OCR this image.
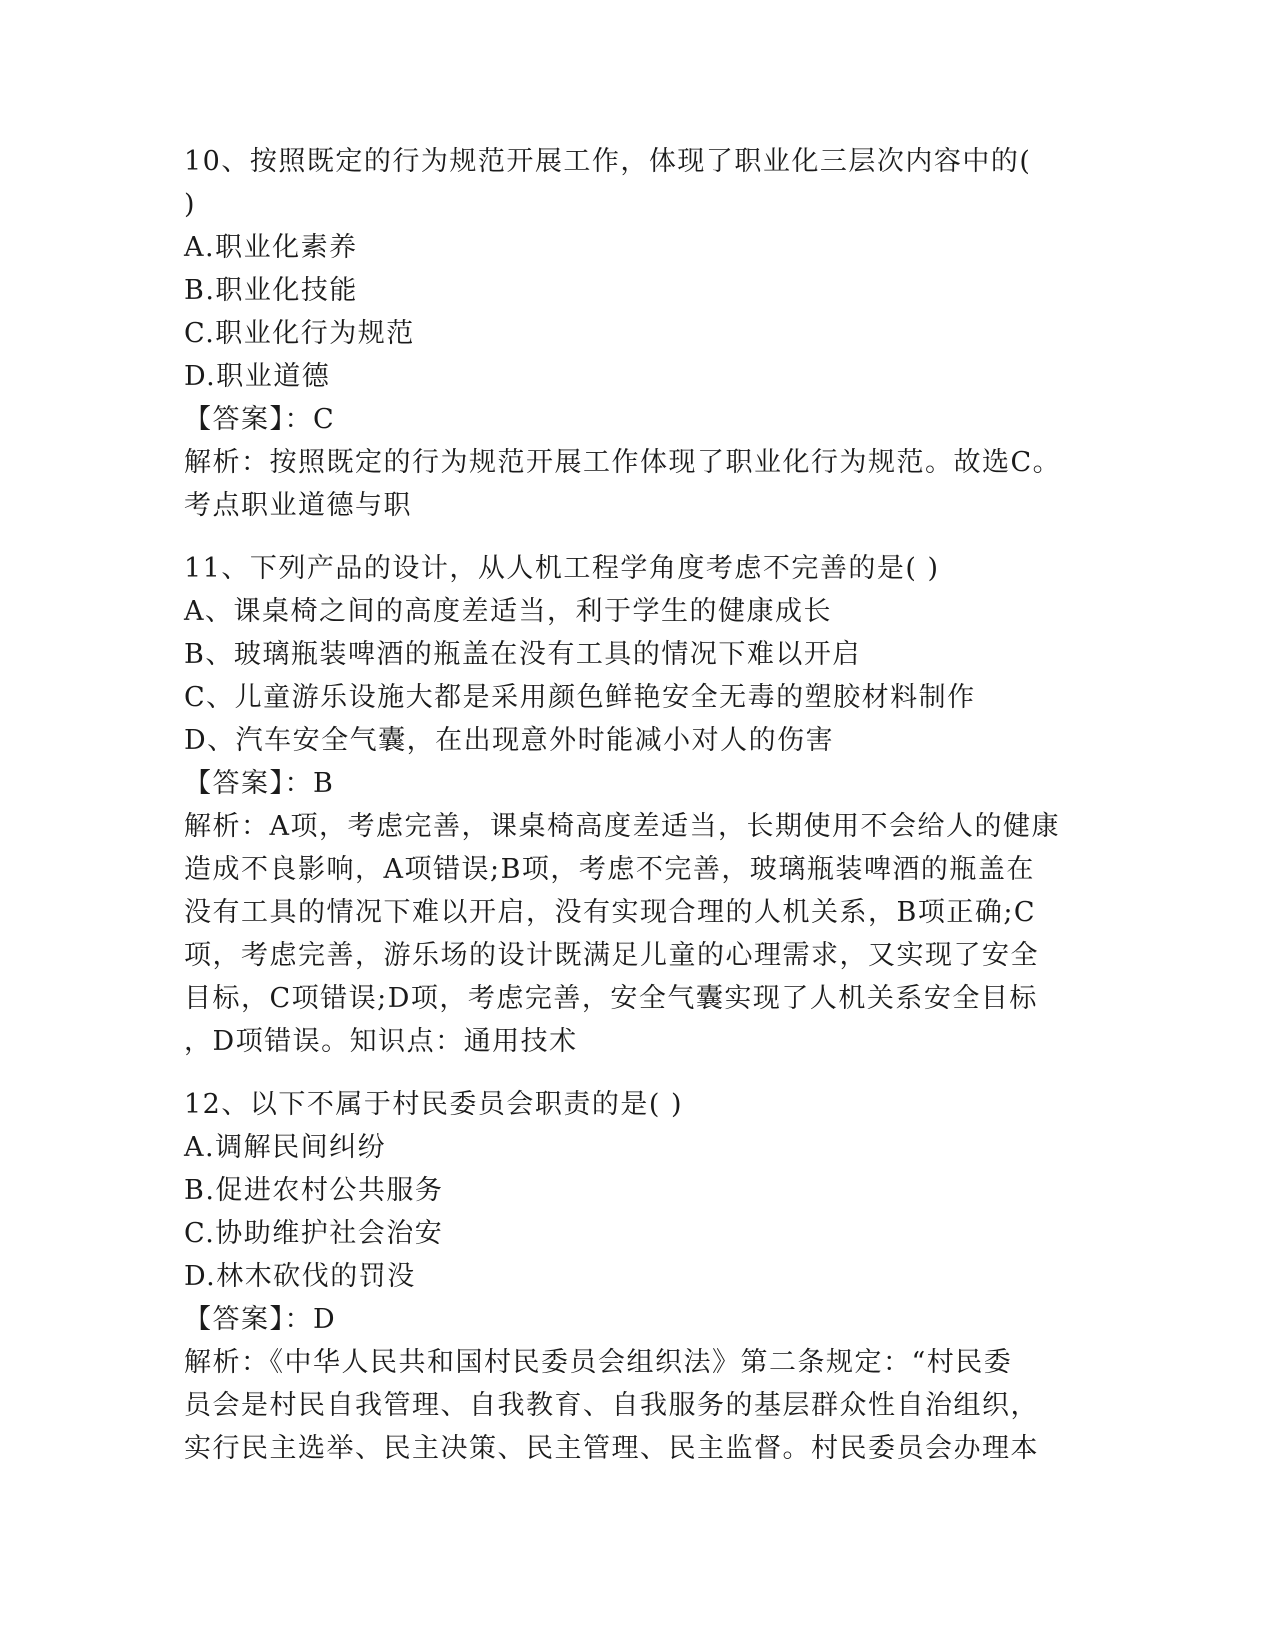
10、按照既定的行为规范开展工作，体现了职业化三层次内容中的(
)
A.职业化素养
B.职业化技能
C.职业化行为规范
D.职业道德
【答案】：C
解析：按照既定的行为规范开展工作体现了职业化行为规范。故选C。
考点职业道德与职
11、下列产品的设计，从人机工程学角度考虑不完善的是( )
A、课桌椅之间的高度差适当，利于学生的健康成长
B、玻璃瓶装啤酒的瓶盖在没有工具的情况下难以开启
C、儿童游乐设施大都是采用颜色鲜艳安全无毒的塑胶材料制作
D、汽车安全气囊，在出现意外时能减小对人的伤害
【答案】：B
解析：A项，考虑完善，课桌椅高度差适当，长期使用不会给人的健康
造成不良影响，A项错误;B项，考虑不完善，玻璃瓶装啤酒的瓶盖在
没有工具的情况下难以开启，没有实现合理的人机关系，B项正确;C
项，考虑完善，游乐场的设计既满足儿童的心理需求，又实现了安全
目标，C项错误;D项，考虑完善，安全气囊实现了人机关系安全目标
，D项错误。知识点：通用技术
12、以下不属于村民委员会职责的是( )
A.调解民间纠纷
B.促进农村公共服务
C.协助维护社会治安
D.林木砍伐的罚没
【答案】：D
解析：《中华人民共和国村民委员会组织法》第二条规定：“村民委
员会是村民自我管理、自我教育、自我服务的基层群众性自治组织，
实行民主选举、民主决策、民主管理、民主监督。村民委员会办理本
